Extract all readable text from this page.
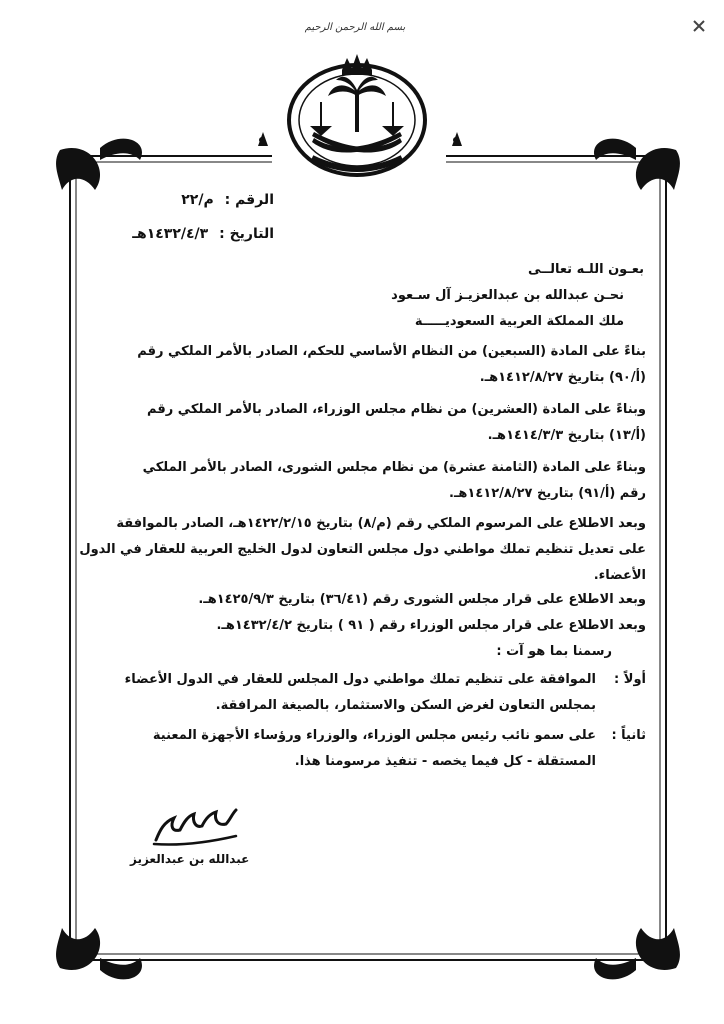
بسم الله الرحمن الرحيم
الرقم : م/٢٢
التاريخ : ١٤٣٢/٤/٣هـ
بعـون اللـه تعالــى
نحـن عبدالله بن عبدالعزيـز آل سـعود
ملك المملكة العربية السعوديـــــة
بناءً على المادة (السبعين) من النظام الأساسي للحكم، الصادر بالأمر الملكي رقم
(أ/٩٠) بتاريخ ١٤١٢/٨/٢٧هـ.
وبناءً على المادة (العشرين) من نظام مجلس الوزراء، الصادر بالأمر الملكي رقم
(أ/١٣) بتاريخ ١٤١٤/٣/٣هـ.
وبناءً على المادة (الثامنة عشرة) من نظام مجلس الشورى، الصادر بالأمر الملكي
رقم (أ/٩١) بتاريخ ١٤١٢/٨/٢٧هـ.
وبعد الاطلاع على المرسوم الملكي رقم (م/٨) بتاريخ ١٤٢٢/٢/١٥هـ، الصادر بالموافقة
على تعديل تنظيم تملك مواطني دول مجلس التعاون لدول الخليج العربية للعقار في الدول
الأعضاء.
وبعد الاطلاع على قرار مجلس الشورى رقم (٣٦/٤١) بتاريخ ١٤٢٥/٩/٣هـ.
وبعد الاطلاع على قرار مجلس الوزراء رقم ( ٩١ ) بتاريخ ١٤٣٢/٤/٢هـ.
رسمنا بما هو آت :
أولاً :
الموافقة على تنظيم تملك مواطني دول المجلس للعقار في الدول الأعضاء
بمجلس التعاون لغرض السكن والاستثمار، بالصيغة المرافقة.
ثانياً :
على سمو نائب رئيس مجلس الوزراء، والوزراء ورؤساء الأجهزة المعنية
المستقلة - كل فيما يخصه - تنفيذ مرسومنا هذا.
عبدالله بن عبدالعزيز
